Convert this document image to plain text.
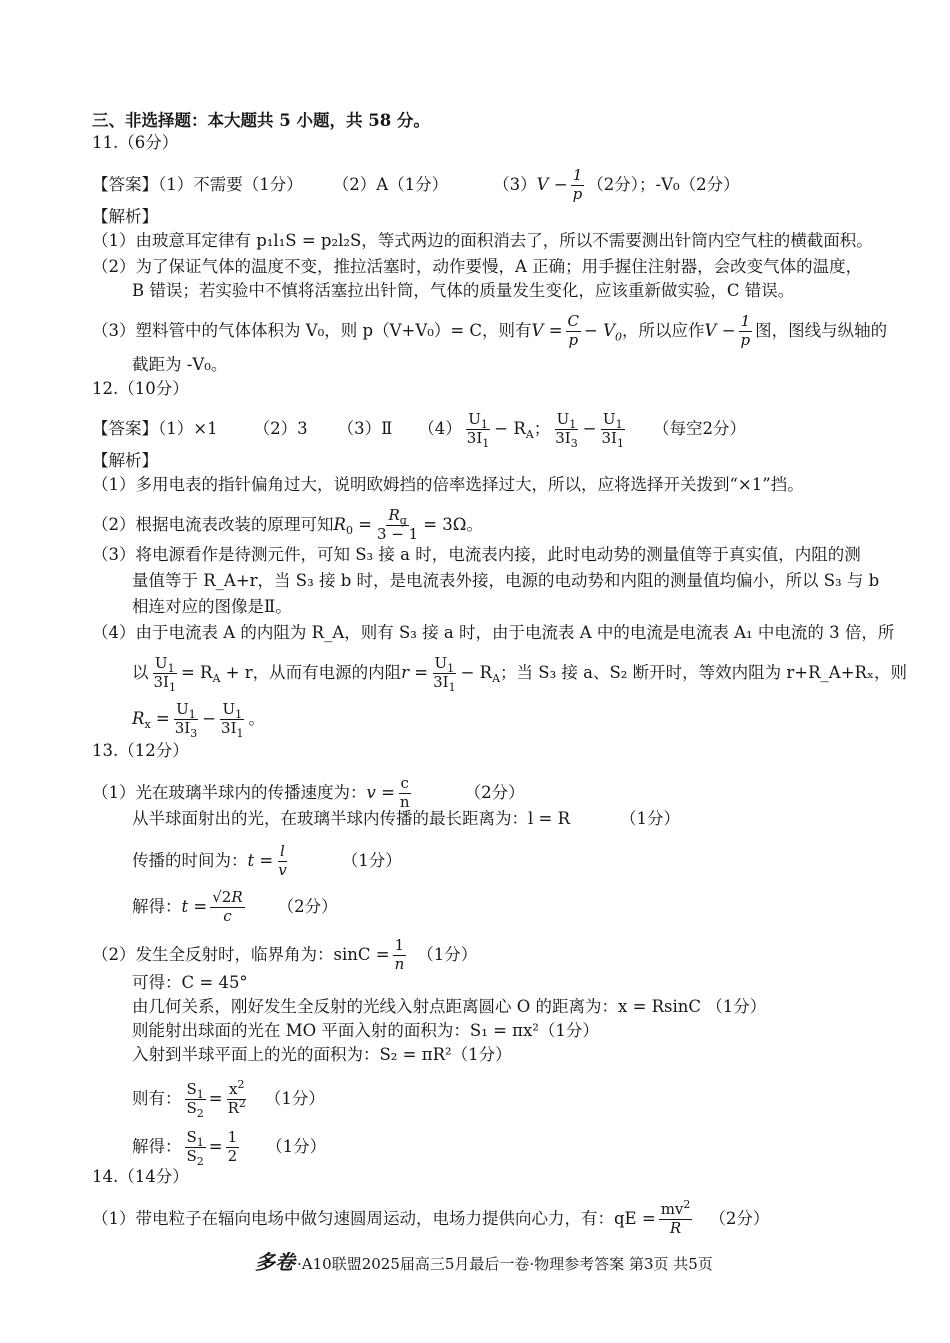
三、非选择题：本大题共 5 小题，共 58 分。
11.（6分）
【答案】（1）不需要（1分） （2）A（1分）	$(3)V - \frac{1}{p} (2$分）；-V₀（2分）
【解析】
（1）由玻意耳定律有 p₁l₁S = p₂l₂S，等式两边的面积消去了，所以不需要测出针筒内空气柱的横截面积。
（2）为了保证气体的温度不变，推拉活塞时，动作要慢，A 正确；用手握住注射器，会改变气体的温度，
B 错误；若实验中不慎将活塞拉出针筒，气体的质量发生变化，应该重新做实验，C 错误。
（3）塑料管中的气体体积为 V₀，则 p（V+V₀）= C，则有$V = \frac{C}{p} - V_0$，所以应作$V - \frac{1}{p}$ 图，图线与纵轴的
截距为 -V₀。
12.（10分）
【答案】（1）×1 （2）3 （3）Ⅱ $(4) \frac{U_1}{3I_1} - R_A$； $\frac{U_1}{3I_3} - \frac{U_1}{3I_1}$ （每空2分）
【解析】
（1）多用电表的指针偏角过大，说明欧姆挡的倍率选择过大，所以，应将选择开关拨到“×1”挡。
（2）根据电流表改装的原理可知$R_0 = \frac{R_g}{3 - 1} = 3\Omega$。
（3）将电源看作是待测元件，可知 S₃ 接 a 时，电流表内接，此时电动势的测量值等于真实值，内阻的测
量值等于 R_A+r，当 S₃ 接 b 时，是电流表外接，电源的电动势和内阻的测量值均偏小，所以 S₃ 与 b
相连对应的图像是Ⅱ。
（4）由于电流表 A 的内阻为 R_A，则有 S₃ 接 a 时，由于电流表 A 中的电流是电流表 A₁ 中电流的 3 倍，所
以 $\frac{U_1}{3I_1} = R_A + r$，从而有电源的内阻$r = \frac{U_1}{3I_1} - R_A$；当 S₃ 接 a、S₂ 断开时，等效内阻为 r+R_A+Rₓ，则
$R_x = \frac{U_1}{3I_3} - \frac{U_1}{3I_1}$ 。
13.（12分）
（1）光在玻璃半球内的传播速度为：$v = \frac{c}{n}$	（2分）
从半球面射出的光，在玻璃半球内传播的最长距离为：l = R	（1分）
传播的时间为：$t = \frac{l}{v}$	（1分）
解得：$t = \frac{√2R}{c} (2$分）
（2）发生全反射时，临界角为：$\sin C = \frac{1}{n} (1$分）
可得：C = 45°
由几何关系，刚好发生全反射的光线入射点距离圆心 O 的距离为：x = RsinC （1分）
则能射出球面的光在 MO 平面入射的面积为：S₁ = πx²（1分）
入射到半球平面上的光的面积为：S₂ = πR²（1分）
则有： $\frac{S_1}{S_2} = \frac{x^2}{R^2} (1$分）
解得： $\frac{S_1}{S_2} = \frac{1}{2} (1$分）
14.（14分）
（1）带电粒子在辐向电场中做匀速圆周运动，电场力提供向心力，有：qE = $\frac{mv^2}{R} (2$分）
多卷 ·A10联盟2025届高三5月最后一卷·物理参考答案 第3页 共5页
